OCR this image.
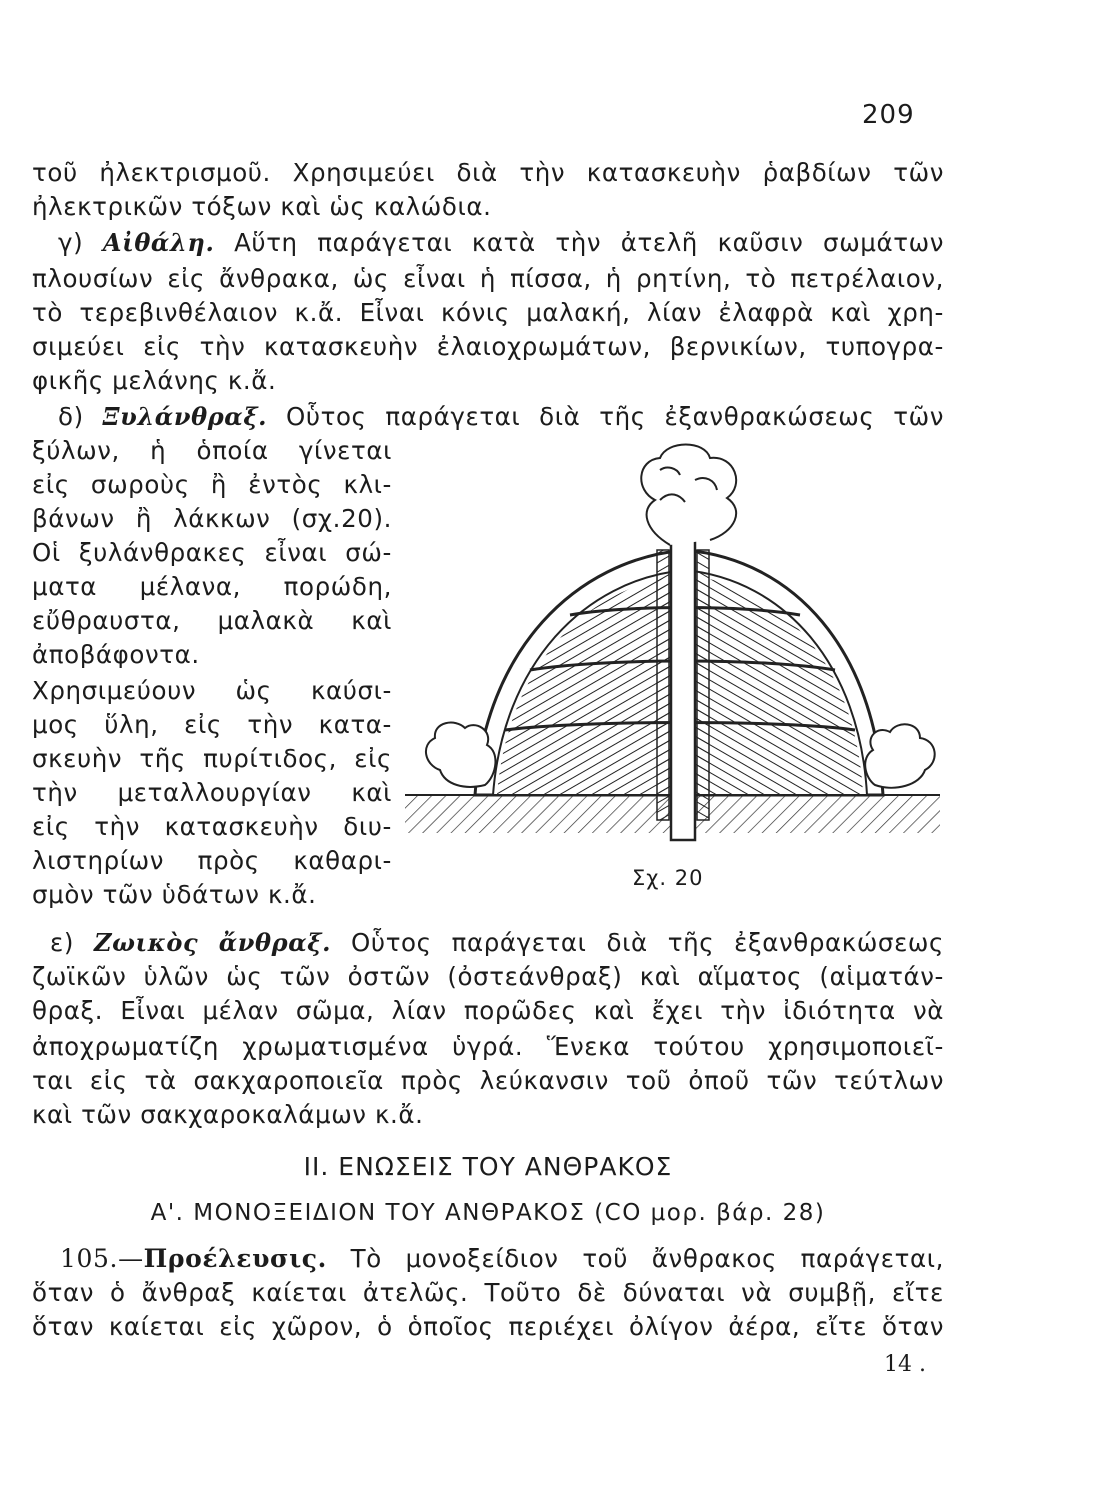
209
τοῦ ἠλεκτρισμοῦ. Χρησιμεύει διὰ τὴν κατασκευὴν ῥαβδίων τῶν
ἠλεκτρικῶν τόξων καὶ ὡς καλώδια.
γ) Αἰθάλη. Αὕτη παράγεται κατὰ τὴν ἀτελῆ καῦσιν σωμάτων
πλουσίων εἰς ἄνθρακα, ὡς εἶναι ἡ πίσσα, ἡ ρητίνη, τὸ πετρέλαιον,
τὸ τερεβινθέλαιον κ.ἄ. Εἶναι κόνις μαλακή, λίαν ἐλαφρὰ καὶ χρη-
σιμεύει εἰς τὴν κατασκευὴν ἐλαιοχρωμάτων, βερνικίων, τυπογρα-
φικῆς μελάνης κ.ἄ.
δ) Ξυλάνθραξ. Οὗτος παράγεται διὰ τῆς ἐξανθρακώσεως τῶν
ξύλων, ἡ ὁποία γίνεται
εἰς σωροὺς ἢ ἐντὸς κλι-
βάνων ἢ λάκκων (σχ.20).
Οἱ ξυλάνθρακες εἶναι σώ-
ματα μέλανα, πορώδη,
εὔθραυστα, μαλακὰ καὶ
ἀποβάφοντα.
Χρησιμεύουν ὡς καύσι-
μος ὕλη, εἰς τὴν κατα-
σκευὴν τῆς πυρίτιδος, εἰς
τὴν μεταλλουργίαν καὶ
εἰς τὴν κατασκευὴν διυ-
λιστηρίων πρὸς καθαρι-
σμὸν τῶν ὑδάτων κ.ἄ.
Σχ. 20
ε) Ζωικὸς ἄνθραξ. Οὗτος παράγεται διὰ τῆς ἐξανθρακώσεως
ζωϊκῶν ὑλῶν ὡς τῶν ὀστῶν (ὀστεάνθραξ) καὶ αἵματος (αἱματάν-
θραξ. Εἶναι μέλαν σῶμα, λίαν πορῶδες καὶ ἔχει τὴν ἰδιότητα νὰ
ἀποχρωματίζη χρωματισμένα ὑγρά. Ἕνεκα τούτου χρησιμοποιεῖ-
ται εἰς τὰ σακχαροποιεῖα πρὸς λεύκανσιν τοῦ ὀποῦ τῶν τεύτλων
καὶ τῶν σακχαροκαλάμων κ.ἄ.
ΙΙ. ΕΝΩΣΕΙΣ ΤΟΥ ΑΝΘΡΑΚΟΣ
Α'. ΜΟΝΟΞΕΙΔΙΟΝ ΤΟΥ ΑΝΘΡΑΚΟΣ (CO μορ. βάρ. 28)
105.—Προέλευσις. Τὸ μονοξείδιον τοῦ ἄνθρακος παράγεται,
ὅταν ὁ ἄνθραξ καίεται ἀτελῶς. Τοῦτο δὲ δύναται νὰ συμβῇ, εἴτε
ὅταν καίεται εἰς χῶρον, ὁ ὁποῖος περιέχει ὀλίγον ἀέρα, εἴτε ὅταν
14 .
